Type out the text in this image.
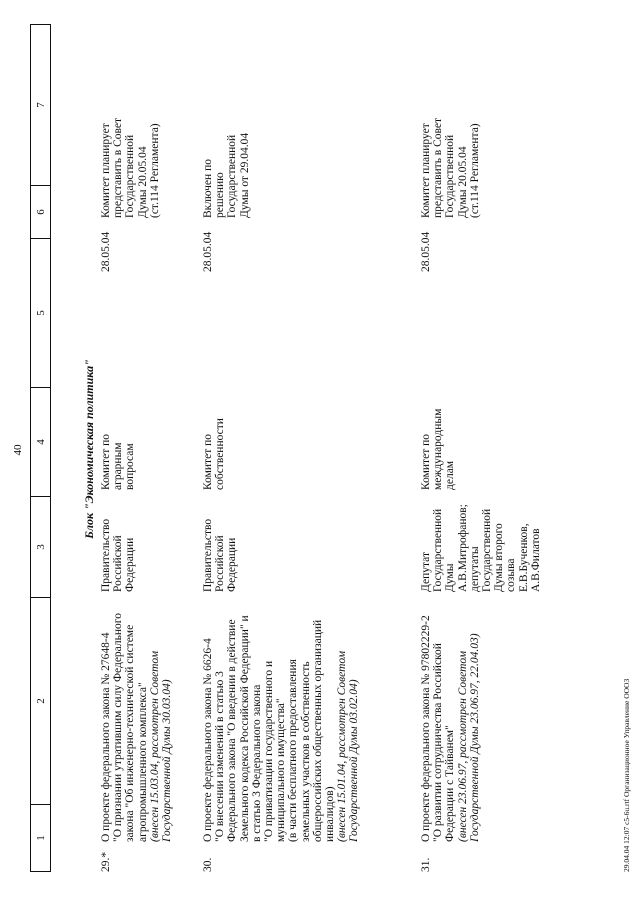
40
1
2
3
4
5
6
7
Блок "Экономическая политика"
29.*

О проекте федерального закона № 27648-4 "О признании утратившим силу Федерального закона "Об инженерно-технической системе агропромышленного комплекса" (внесен 15.03.04, рассмотрен Советом Государственной Думы 30.03.04)

Правительство Российской Федерации

Комитет по аграрным вопросам

28.05.04

Комитет планирует представить в Совет Государственной Думы 20.05.04 (ст.114 Регламента)

30.

О проекте федерального закона № 6626-4 "О внесении изменений в статью 3 Федерального закона "О введении в действие Земельного кодекса Российской Федерации" и в статью 3 Федерального закона "О приватизации государственного и муниципального имущества" (в части бесплатного предоставления земельных участков в собственность общероссийских общественных организаций инвалидов) (внесен 15.01.04, рассмотрен Советом Государственной Думы 03.02.04)

Правительство Российской Федерации

Комитет по собственности

28.05.04

Включен по решению Государственной Думы от 29.04.04

31.

О проекте федерального закона № 97802229-2 "О развитии сотрудничества Российской Федерации с Тайванем" (внесен 23.06.97, рассмотрен Советом Государственной Думы 23.06.97, 22.04.03)

Депутат Государственной Думы А.В.Митрофанов; депутаты Государственной Думы второго созыва Е.В.Бученков, А.В.Филатов

Комитет по международным делам

28.05.04

Комитет планирует представить в Совет Государственной Думы 20.05.04 (ст.114 Регламента)

29.04.04 12:07 c5-6u.rtf Организационное Управление ООО3
